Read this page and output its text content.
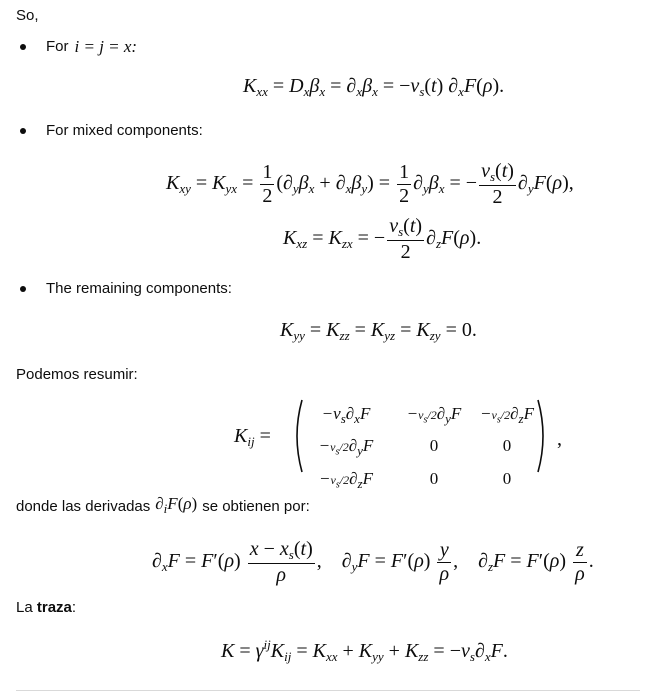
So,
For i = j = x:
$K_{xx} = D_x\beta_x = \partial_x\beta_x = -v_s(t)$ $\partial_xF(\rho)$.
For mixed components:
$K_{xy} = K_{yx} = \frac{1}{2} (\partial_y\beta_x + \partial_x\beta_y) = \frac{1}{2} \partial_y\beta_x$ = − $\frac{v_s(t)}{2} \partial_yF(\rho)$,
$K_{xz} = K_{zx}$ = − $\frac{v_s(t)}{2} \partial_zF(\rho)$.
The remaining components:
$K_{yy} = K_{zz} = K_{yz} = K_{zy} = 0$.
Podemos resumir:
$K_{ij}$ =
$-v_s\partial_xF$	$-v_s/2\partial_yF$	$-v_s/2\partial_zF$
$-v_s/2\partial_yF$	0	0
$-v_s/2\partial_zF$	0	0
,
donde las derivadas $\partial_iF(\rho)$ se obtienen por:
$\partial_xF = F'(\rho) \frac{x - x_s(t)}{\rho}$ ,    $\partial_yF = F'(\rho) \frac{y}{\rho}$ ,    $\partial_zF = F'(\rho) \frac{z}{\rho}$ .
La traza:
$K = \gamma^{ij}K_{ij} = K_{xx} + K_{yy} + K_{zz} = -v_s\partial_xF$.
